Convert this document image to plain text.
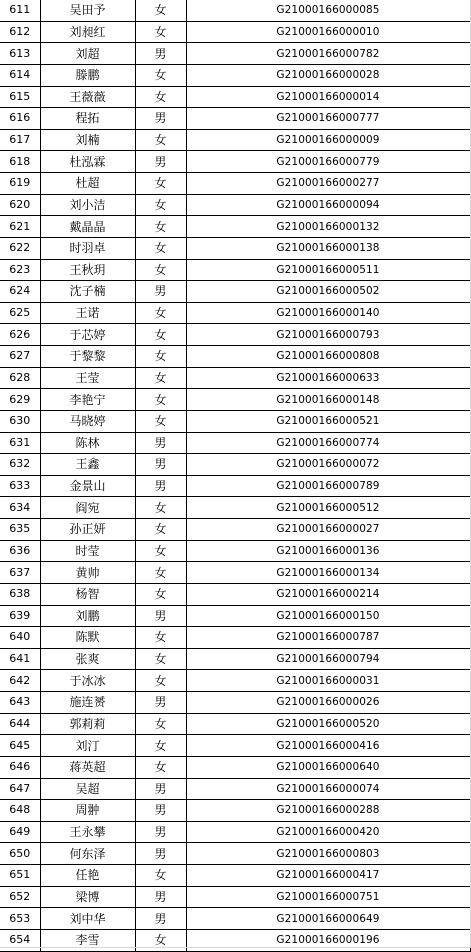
611	吴田予	女	G21000166000085
612	刘昶红	女	G21000166000010
613	刘超	男	G21000166000782
614	滕鹏	女	G21000166000028
615	王薇薇	女	G21000166000014
616	程拓	男	G21000166000777
617	刘楠	女	G21000166000009
618	杜泓霖	男	G21000166000779
619	杜超	女	G21000166000277
620	刘小洁	女	G21000166000094
621	戴晶晶	女	G21000166000132
622	时羽卓	女	G21000166000138
623	王秋玥	女	G21000166000511
624	沈子楠	男	G21000166000502
625	王诺	女	G21000166000140
626	于芯婷	女	G21000166000793
627	于黎黎	女	G21000166000808
628	王莹	女	G21000166000633
629	李艳宁	女	G21000166000148
630	马晓婷	女	G21000166000521
631	陈林	男	G21000166000774
632	王鑫	男	G21000166000072
633	金景山	男	G21000166000789
634	阎宛	女	G21000166000512
635	孙正妍	女	G21000166000027
636	时莹	女	G21000166000136
637	黄帅	女	G21000166000134
638	杨智	女	G21000166000214
639	刘鹏	男	G21000166000150
640	陈默	女	G21000166000787
641	张爽	女	G21000166000794
642	于冰冰	女	G21000166000031
643	施连赟	男	G21000166000026
644	郭莉莉	女	G21000166000520
645	刘汀	女	G21000166000416
646	蒋英超	女	G21000166000640
647	吴超	男	G21000166000074
648	周翀	男	G21000166000288
649	王永攀	男	G21000166000420
650	何东泽	男	G21000166000803
651	任艳	女	G21000166000417
652	梁博	男	G21000166000751
653	刘中华	男	G21000166000649
654	李雪	女	G21000166000196
